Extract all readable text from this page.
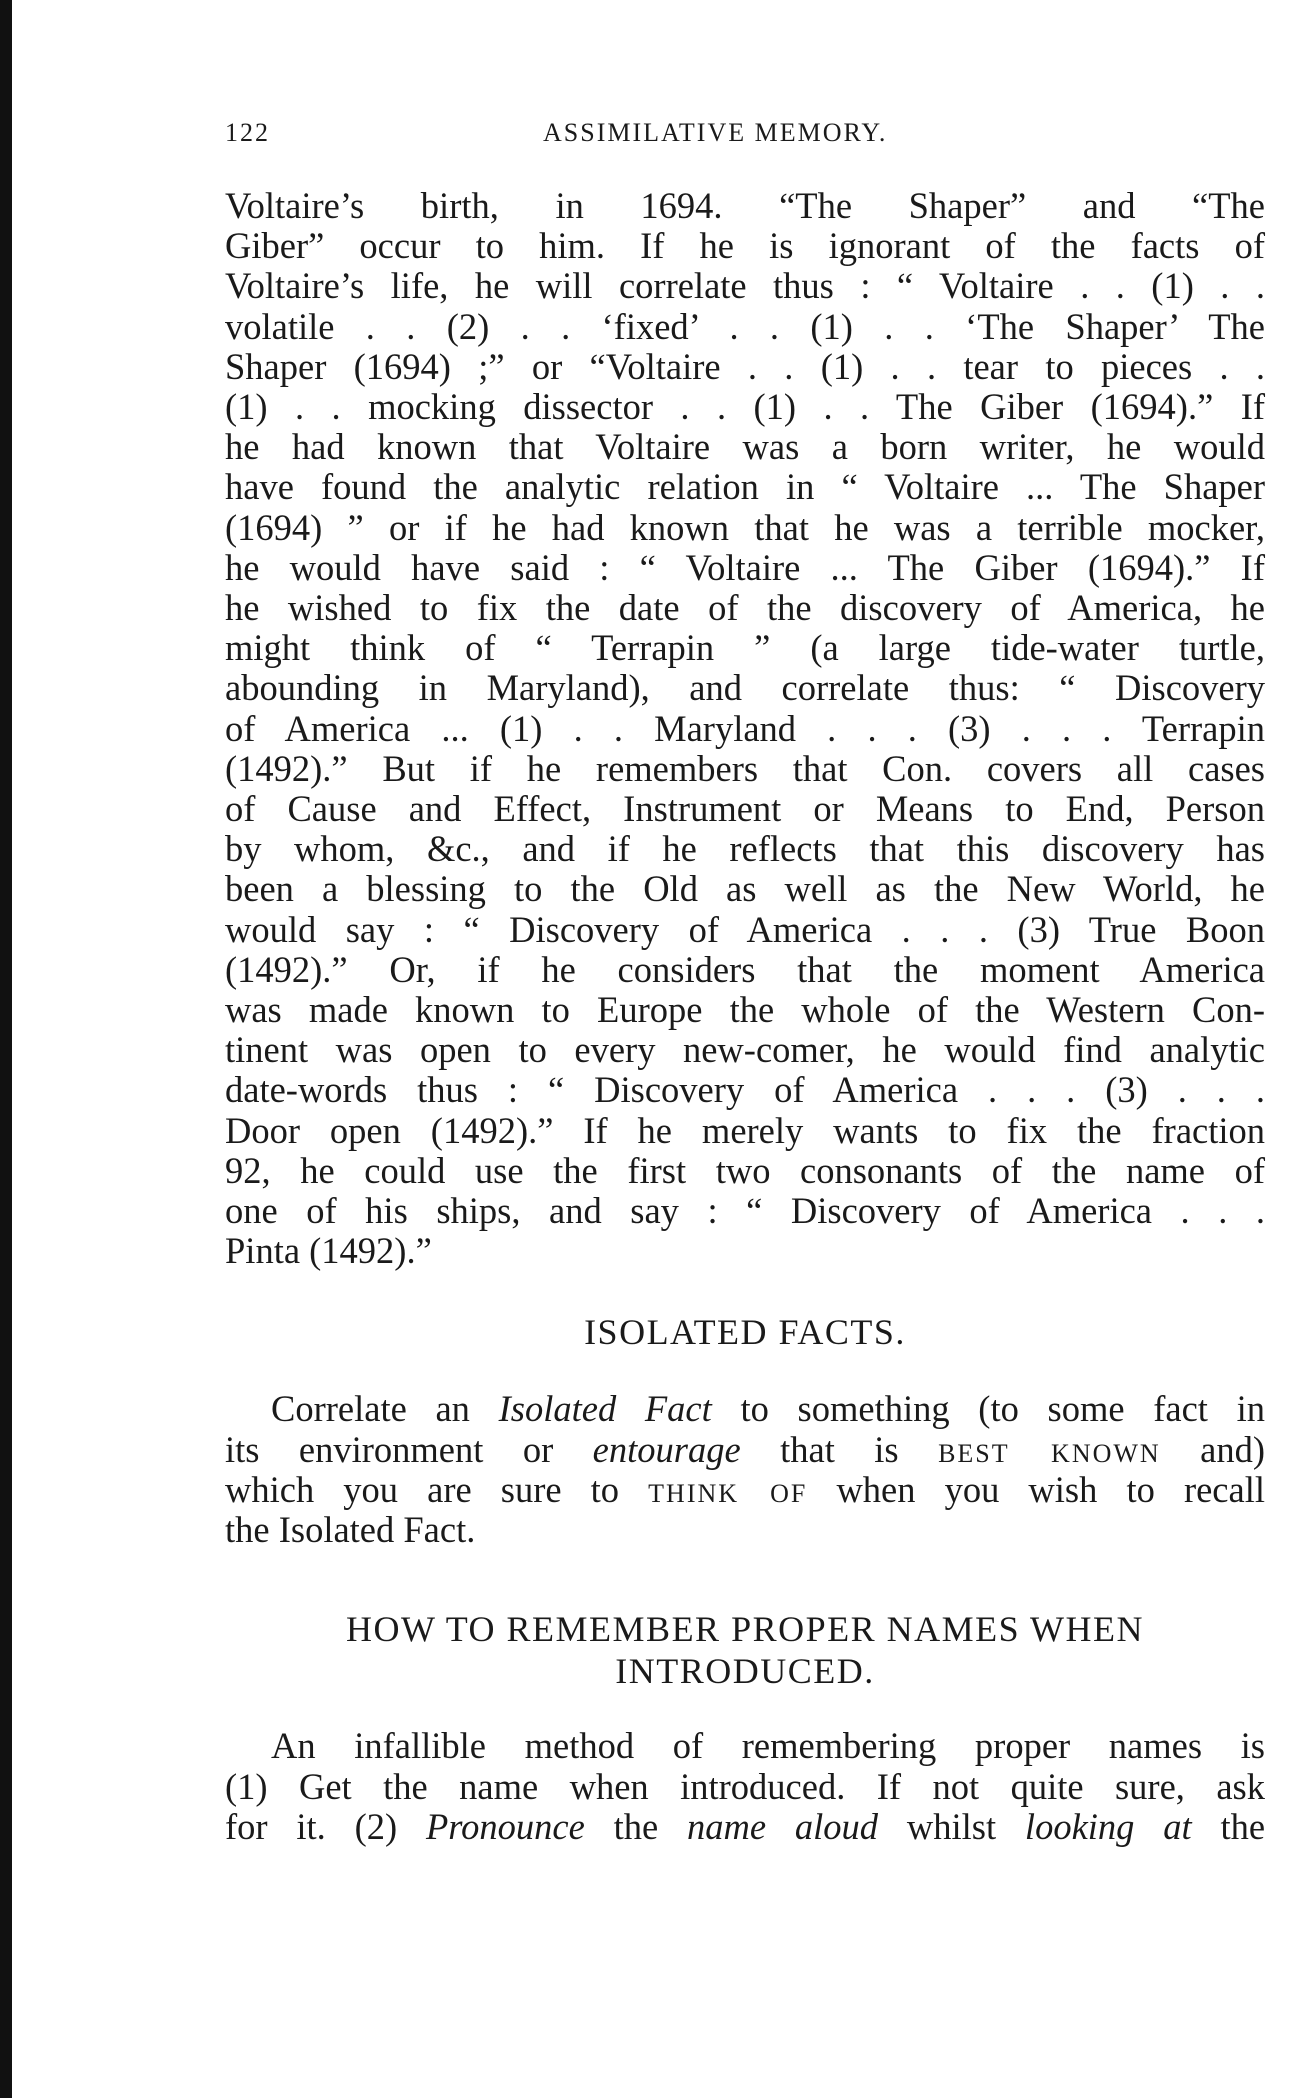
122	ASSIMILATIVE MEMORY.

Voltaire’s birth, in 1694. “The Shaper” and “The
Giber” occur to him. If he is ignorant of the facts of
Voltaire’s life, he will correlate thus : “ Voltaire . . (1) . .
volatile . . (2) . . ‘fixed’ . . (1) . . ‘The Shaper’ The
Shaper (1694) ;” or “Voltaire . . (1) . . tear to pieces . .
(1) . . mocking dissector . . (1) . . The Giber (1694).” If
he had known that Voltaire was a born writer, he would
have found the analytic relation in “ Voltaire ... The Shaper
(1694) ” or if he had known that he was a terrible mocker,
he would have said : “ Voltaire ... The Giber (1694).” If
he wished to fix the date of the discovery of America, he
might think of “ Terrapin ” (a large tide-water turtle,
abounding in Maryland), and correlate thus: “ Discovery
of America ... (1) . . Maryland . . . (3) . . . Terrapin
(1492).” But if he remembers that Con. covers all cases
of Cause and Effect, Instrument or Means to End, Person
by whom, &c., and if he reflects that this discovery has
been a blessing to the Old as well as the New World, he
would say : “ Discovery of America . . . (3) True Boon
(1492).” Or, if he considers that the moment America
was made known to Europe the whole of the Western Con-
tinent was open to every new-comer, he would find analytic
date-words thus : “ Discovery of America . . . (3) . . .
Door open (1492).” If he merely wants to fix the fraction
92, he could use the first two consonants of the name of
one of his ships, and say : “ Discovery of America . . .
Pinta (1492).”

ISOLATED FACTS.

Correlate an Isolated Fact to something (to some fact in
its environment or entourage that is best known and)
which you are sure to think of when you wish to recall
the Isolated Fact.

HOW TO REMEMBER PROPER NAMES WHEN
INTRODUCED.

An infallible method of remembering proper names is
(1) Get the name when introduced. If not quite sure, ask
for it. (2) Pronounce the name aloud whilst looking at the
